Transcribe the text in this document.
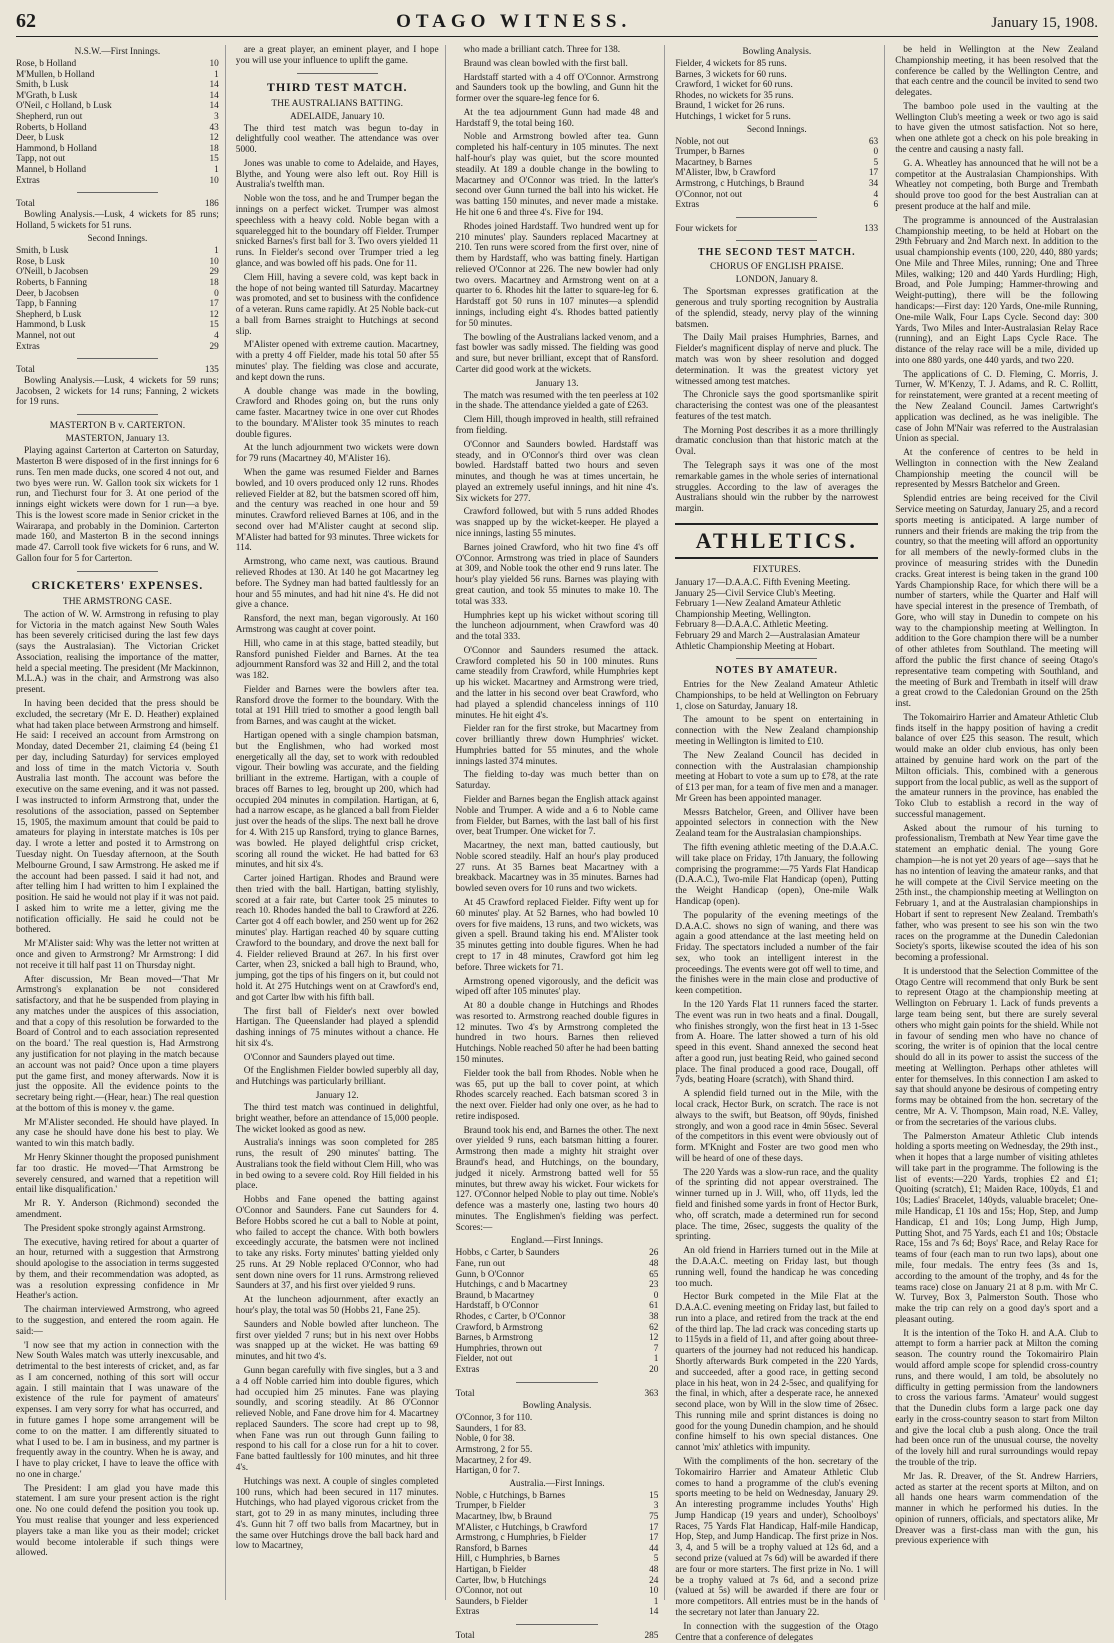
62	OTAGO WITNESS.	January 15, 1908.
N.S.W.—First Innings.
Rose, b Holland	10
M'Mullen, b Holland	1
Smith, b Lusk	14
M'Grath, b Lusk	14
O'Neil, c Holland, b Lusk	14
Shepherd, run out	3
Roberts, b Holland	43
Deer, b Lusk	12
Hammond, b Holland	18
Tapp, not out	15
Mannel, b Holland	1
Extras	10
Total	186

Bowling Analysis.—Lusk, 4 wickets for 85 runs; Holland, 5 wickets for 51 runs.

Second Innings.
Smith, b Lusk	1
Rose, b Lusk	10
O'Neill, b Jacobsen	29
Roberts, b Fanning	18
Deer, b Jacobsen	0
Tapp, b Fanning	17
Shepherd, b Lusk	12
Hammond, b Lusk	15
Mannel, not out	4
Extras	29
Total	135

Bowling Analysis.—Lusk, 4 wickets for 59 runs; Jacobsen, 2 wickets for 14 runs; Fanning, 2 wickets for 19 runs.

MASTERTON B v. CARTERTON.
MASTERTON, January 13.

Playing against Carterton at Carterton on Saturday, Masterton B were disposed of in the first innings for 6 runs. Ten men made ducks, one scored 4 not out, and two byes were run. W. Gallon took six wickets for 1 run, and Tiechurst four for 3. At one period of the innings eight wickets were down for 1 run—a bye. This is the lowest score made in Senior cricket in the Wairarapa, and probably in the Dominion. Carterton made 160, and Masterton B in the second innings made 47. Carroll took five wickets for 6 runs, and W. Gallon four for 5 for Carterton.

CRICKETERS' EXPENSES.
THE ARMSTRONG CASE.

The action of W. W. Armstrong in refusing to play for Victoria in the match against New South Wales has been severely criticised during the last few days (says the Australasian). The Victorian Cricket Association, realising the importance of the matter, held a special meeting. The president (Mr Mackinnon, M.L.A.) was in the chair, and Armstrong was also present.

In having been decided that the press should be excluded, the secretary (Mr E. D. Heather) explained what had taken place between Armstrong and himself. He said: I received an account from Armstrong on Monday, dated December 21, claiming £4 (being £1 per day, including Saturday) for services employed and loss of time in the match Victoria v. South Australia last month. The account was before the executive on the same evening, and it was not passed. I was instructed to inform Armstrong that, under the resolutions of the association, passed on September 15, 1905, the maximum amount that could be paid to amateurs for playing in interstate matches is 10s per day. I wrote a letter and posted it to Armstrong on Tuesday night. On Tuesday afternoon, at the South Melbourne Ground, I saw Armstrong. He asked me if the account had been passed. I said it had not, and after telling him I had written to him I explained the position. He said he would not play if it was not paid. I asked him to write me a letter, giving me the notification officially. He said he could not be bothered.

Mr M'Alister said: Why was the letter not written at once and given to Armstrong? Mr Armstrong: I did not receive it till half past 11 on Thursday night.

After discussion, Mr Bean moved—'That Mr Armstrong's explanation be not considered satisfactory, and that he be suspended from playing in any matches under the auspices of this association, and that a copy of this resolution be forwarded to the Board of Control and to each association represented on the board.' The real question is, Had Armstrong any justification for not playing in the match because an account was not paid? Once upon a time players put the game first, and money afterwards. Now it is just the opposite. All the evidence points to the secretary being right.—(Hear, hear.) The real question at the bottom of this is money v. the game.

Mr M'Alister seconded. He should have played. In any case he should have done his best to play. We wanted to win this match badly.

Mr Henry Skinner thought the proposed punishment far too drastic. He moved—'That Armstrong be severely censured, and warned that a repetition will entail like disqualification.'

Mr R. Y. Anderson (Richmond) seconded the amendment.

The President spoke strongly against Armstrong.

The executive, having retired for about a quarter of an hour, returned with a suggestion that Armstrong should apologise to the association in terms suggested by them, and their recommendation was adopted, as was a resolution expressing confidence in Mr Heather's action.

The chairman interviewed Armstrong, who agreed to the suggestion, and entered the room again. He said:—

'I now see that my action in connection with the New South Wales match was utterly inexcusable, and detrimental to the best interests of cricket, and, as far as I am concerned, nothing of this sort will occur again. I still maintain that I was unaware of the existence of the rule for payment of amateurs' expenses. I am very sorry for what has occurred, and in future games I hope some arrangement will be come to on the matter. I am differently situated to what I used to be. I am in business, and my partner is frequently away in the country. When he is away, and I have to play cricket, I have to leave the office with no one in charge.'

The President: I am glad you have made this statement. I am sure your present action is the right one. No one could defend the position you took up. You must realise that younger and less experienced players take a man like you as their model; cricket would become intolerable if such things were allowed.

are a great player, an eminent player, and I hope you will use your influence to uplift the game.

THIRD TEST MATCH.
THE AUSTRALIANS BATTING.
ADELAIDE, January 10.

The third test match was begun to-day in delightfully cool weather. The attendance was over 5000.

Jones was unable to come to Adelaide, and Hayes, Blythe, and Young were also left out. Roy Hill is Australia's twelfth man.

Noble won the toss, and he and Trumper began the innings on a perfect wicket. Trumper was almost speechless with a heavy cold. Noble began with a squarelegged hit to the boundary off Fielder. Trumper snicked Barnes's first ball for 3. Two overs yielded 11 runs. In Fielder's second over Trumper tried a leg glance, and was bowled off his pads. One for 11.

Clem Hill, having a severe cold, was kept back in the hope of not being wanted till Saturday. Macartney was promoted, and set to business with the confidence of a veteran. Runs came rapidly. At 25 Noble back-cut a ball from Barnes straight to Hutchings at second slip.

M'Alister opened with extreme caution. Macartney, with a pretty 4 off Fielder, made his total 50 after 55 minutes' play. The fielding was close and accurate, and kept down the runs.

A double change was made in the bowling, Crawford and Rhodes going on, but the runs only came faster. Macartney twice in one over cut Rhodes to the boundary. M'Alister took 35 minutes to reach double figures.

At the lunch adjournment two wickets were down for 79 runs (Macartney 40, M'Alister 16).

When the game was resumed Fielder and Barnes bowled, and 10 overs produced only 12 runs. Rhodes relieved Fielder at 82, but the batsmen scored off him, and the century was reached in one hour and 59 minutes. Crawford relieved Barnes at 106, and in the second over had M'Alister caught at second slip. M'Alister had batted for 93 minutes. Three wickets for 114.

Armstrong, who came next, was cautious. Braund relieved Rhodes at 130. At 140 he got Macartney leg before. The Sydney man had batted faultlessly for an hour and 55 minutes, and had hit nine 4's. He did not give a chance.

Ransford, the next man, began vigorously. At 160 Armstrong was caught at cover point.

Hill, who came in at this stage, batted steadily, but Ransford punished Fielder and Barnes. At the tea adjournment Ransford was 32 and Hill 2, and the total was 182.

Fielder and Barnes were the bowlers after tea. Ransford drove the former to the boundary. With the total at 191 Hill tried to smother a good length ball from Barnes, and was caught at the wicket.

Hartigan opened with a single champion batsman, but the Englishmen, who had worked most energetically all the day, set to work with redoubled vigour. Their bowling was accurate, and the fielding brilliant in the extreme. Hartigan, with a couple of braces off Barnes to leg, brought up 200, which had occupied 204 minutes in compilation. Hartigan, at 6, had a narrow escape, as he glanced a ball from Fielder just over the heads of the slips. The next ball he drove for 4. With 215 up Ransford, trying to glance Barnes, was bowled. He played delightful crisp cricket, scoring all round the wicket. He had batted for 63 minutes, and hit six 4's.

Carter joined Hartigan. Rhodes and Braund were then tried with the ball. Hartigan, batting stylishly, scored at a fair rate, but Carter took 25 minutes to reach 10. Rhodes handed the ball to Crawford at 226. Carter got 4 off each bowler, and 250 went up for 262 minutes' play. Hartigan reached 40 by square cutting Crawford to the boundary, and drove the next ball for 4. Fielder relieved Braund at 267. In his first over Carter, when 23, snicked a ball high to Braund, who, jumping, got the tips of his fingers on it, but could not hold it. At 275 Hutchings went on at Crawford's end, and got Carter lbw with his fifth ball.

The first ball of Fielder's next over bowled Hartigan. The Queenslander had played a splendid dashing innings of 75 minutes without a chance. He hit six 4's.

O'Connor and Saunders played out time.

Of the Englishmen Fielder bowled superbly all day, and Hutchings was particularly brilliant.

January 12.

The third test match was continued in delightful, bright weather, before an attendance of 15,000 people. The wicket looked as good as new.

Australia's innings was soon completed for 285 runs, the result of 290 minutes' batting. The Australians took the field without Clem Hill, who was in bed owing to a severe cold. Roy Hill fielded in his place.

Hobbs and Fane opened the batting against O'Connor and Saunders. Fane cut Saunders for 4. Before Hobbs scored he cut a ball to Noble at point, who failed to accept the chance. With both bowlers exceedingly accurate, the batsmen were not inclined to take any risks. Forty minutes' batting yielded only 25 runs. At 29 Noble replaced O'Connor, who had sent down nine overs for 11 runs. Armstrong relieved Saunders at 37, and his first over yielded 9 runs.

At the luncheon adjournment, after exactly an hour's play, the total was 50 (Hobbs 21, Fane 25).

Saunders and Noble bowled after luncheon. The first over yielded 7 runs; but in his next over Hobbs was snapped up at the wicket. He was batting 69 minutes, and hit two 4's.

Gunn began carefully with five singles, but a 3 and a 4 off Noble carried him into double figures, which had occupied him 25 minutes. Fane was playing soundly, and scoring steadily. At 86 O'Connor relieved Noble, and Fane drove him for 4. Macartney replaced Saunders. The score had crept up to 98, when Fane was run out through Gunn failing to respond to his call for a close run for a hit to cover. Fane batted faultlessly for 100 minutes, and hit three 4's.

Hutchings was next. A couple of singles completed 100 runs, which had been secured in 117 minutes. Hutchings, who had played vigorous cricket from the start, got to 29 in as many minutes, including three 4's. Gunn hit 7 off two balls from Macartney, but in the same over Hutchings drove the ball back hard and low to Macartney,

who made a brilliant catch. Three for 138.

Braund was clean bowled with the first ball.

Hardstaff started with a 4 off O'Connor. Armstrong and Saunders took up the bowling, and Gunn hit the former over the square-leg fence for 6.

At the tea adjournment Gunn had made 48 and Hardstaff 9, the total being 160.

Noble and Armstrong bowled after tea. Gunn completed his half-century in 105 minutes. The next half-hour's play was quiet, but the score mounted steadily. At 189 a double change in the bowling to Macartney and O'Connor was tried. In the latter's second over Gunn turned the ball into his wicket. He was batting 150 minutes, and never made a mistake. He hit one 6 and three 4's. Five for 194.

Rhodes joined Hardstaff. Two hundred went up for 210 minutes' play. Saunders replaced Macartney at 210. Ten runs were scored from the first over, nine of them by Hardstaff, who was batting finely. Hartigan relieved O'Connor at 226. The new bowler had only two overs. Macartney and Armstrong went on at a quarter to 6. Rhodes hit the latter to square-leg for 6. Hardstaff got 50 runs in 107 minutes—a splendid innings, including eight 4's. Rhodes batted patiently for 50 minutes.

The bowling of the Australians lacked venom, and a fast bowler was sadly missed. The fielding was good and sure, but never brilliant, except that of Ransford. Carter did good work at the wickets.

January 13.

The match was resumed with the ten peerless at 102 in the shade. The attendance yielded a gate of £263.

Clem Hill, though improved in health, still refrained from fielding.

O'Connor and Saunders bowled. Hardstaff was steady, and in O'Connor's third over was clean bowled. Hardstaff batted two hours and seven minutes, and though he was at times uncertain, he played an extremely useful innings, and hit nine 4's. Six wickets for 277.

Crawford followed, but with 5 runs added Rhodes was snapped up by the wicket-keeper. He played a nice innings, lasting 55 minutes.

Barnes joined Crawford, who hit two fine 4's off O'Connor. Armstrong was tried in place of Saunders at 309, and Noble took the other end 9 runs later. The hour's play yielded 56 runs. Barnes was playing with great caution, and took 55 minutes to make 10. The total was 333.

Humphries kept up his wicket without scoring till the luncheon adjournment, when Crawford was 40 and the total 333.

O'Connor and Saunders resumed the attack. Crawford completed his 50 in 100 minutes. Runs came steadily from Crawford, while Humphries kept up his wicket. Macartney and Armstrong were tried, and the latter in his second over beat Crawford, who had played a splendid chanceless innings of 110 minutes. He hit eight 4's.

Fielder ran for the first stroke, but Macartney from cover brilliantly threw down Humphries' wicket. Humphries batted for 55 minutes, and the whole innings lasted 374 minutes.

The fielding to-day was much better than on Saturday.

Fielder and Barnes began the English attack against Noble and Trumper. A wide and a 6 to Noble came from Fielder, but Barnes, with the last ball of his first over, beat Trumper. One wicket for 7.

Macartney, the next man, batted cautiously, but Noble scored steadily. Half an hour's play produced 27 runs. At 35 Barnes beat Macartney with a breakback. Macartney was in 35 minutes. Barnes had bowled seven overs for 10 runs and two wickets.

At 45 Crawford replaced Fielder. Fifty went up for 60 minutes' play. At 52 Barnes, who had bowled 10 overs for five maidens, 13 runs, and two wickets, was given a spell. Braund taking his end. M'Alister took 35 minutes getting into double figures. When he had crept to 17 in 48 minutes, Crawford got him leg before. Three wickets for 71.

Armstrong opened vigorously, and the deficit was wiped off after 105 minutes' play.

At 80 a double change in Hutchings and Rhodes was resorted to. Armstrong reached double figures in 12 minutes. Two 4's by Armstrong completed the hundred in two hours. Barnes then relieved Hutchings. Noble reached 50 after he had been batting 150 minutes.

Fielder took the ball from Rhodes. Noble when he was 65, put up the ball to cover point, at which Rhodes scarcely reached. Each batsman scored 3 in the next over. Fielder had only one over, as he had to retire indisposed.

Braund took his end, and Barnes the other. The next over yielded 9 runs, each batsman hitting a fourer. Armstrong then made a mighty hit straight over Braund's head, and Hutchings, on the boundary, judged it nicely. Armstrong batted well for 55 minutes, but threw away his wicket. Four wickets for 127. O'Connor helped Noble to play out time. Noble's defence was a masterly one, lasting two hours 40 minutes. The Englishmen's fielding was perfect. Scores:—

England.—First Innings.
Hobbs, c Carter, b Saunders	26
Fane, run out	48
Gunn, b O'Connor	65
Hutchings, c and b Macartney	23
Braund, b Macartney	0
Hardstaff, b O'Connor	61
Rhodes, c Carter, b O'Connor	38
Crawford, b Armstrong	62
Barnes, b Armstrong	12
Humphries, thrown out	7
Fielder, not out	1
Extras	20
Total	363
Bowling Analysis.
O'Connor, 3 for 110.
Saunders, 1 for 83.
Noble, 0 for 38.
Armstrong, 2 for 55.
Macartney, 2 for 49.
Hartigan, 0 for 7.
Australia.—First Innings.
Noble, c Hutchings, b Barnes	15
Trumper, b Fielder	3
Macartney, lbw, b Braund	75
M'Alister, c Hutchings, b Crawford	17
Armstrong, c Humphries, b Fielder	17
Ransford, b Barnes	44
Hill, c Humphries, b Barnes	5
Hartigan, b Fielder	48
Carter, lbw, b Hutchings	24
O'Connor, not out	10
Saunders, b Fielder	1
Extras	14
Total	285
Bowling Analysis.
Fielder, 4 wickets for 85 runs.
Barnes, 3 wickets for 60 runs.
Crawford, 1 wicket for 60 runs.
Rhodes, no wickets for 35 runs.
Braund, 1 wicket for 26 runs.
Hutchings, 1 wicket for 5 runs.
Second Innings.
Noble, not out	63
Trumper, b Barnes	0
Macartney, b Barnes	5
M'Alister, lbw, b Crawford	17
Armstrong, c Hutchings, b Braund	34
O'Connor, not out	4
Extras	6
Four wickets for	133
THE SECOND TEST MATCH.
CHORUS OF ENGLISH PRAISE.
LONDON, January 8.

The Sportsman expresses gratification at the generous and truly sporting recognition by Australia of the splendid, steady, nervy play of the winning batsmen.

The Daily Mail praises Humphries, Barnes, and Fielder's magnificent display of nerve and pluck. The match was won by sheer resolution and dogged determination. It was the greatest victory yet witnessed among test matches.

The Chronicle says the good sportsmanlike spirit characterising the contest was one of the pleasantest features of the test match.

The Morning Post describes it as a more thrillingly dramatic conclusion than that historic match at the Oval.

The Telegraph says it was one of the most remarkable games in the whole series of international struggles. According to the law of averages the Australians should win the rubber by the narrowest margin.

ATHLETICS.
FIXTURES.
January 17—D.A.A.C. Fifth Evening Meeting.
January 25—Civil Service Club's Meeting.
February 1—New Zealand Amateur Athletic Championship Meeting, Wellington.
February 8—D.A.A.C. Athletic Meeting.
February 29 and March 2—Australasian Amateur Athletic Championship Meeting at Hobart.
NOTES BY AMATEUR.

Entries for the New Zealand Amateur Athletic Championships, to be held at Wellington on February 1, close on Saturday, January 18.

The amount to be spent on entertaining in connection with the New Zealand championship meeting in Wellington is limited to £10.

The New Zealand Council has decided in connection with the Australasian championship meeting at Hobart to vote a sum up to £78, at the rate of £13 per man, for a team of five men and a manager. Mr Green has been appointed manager.

Messrs Batchelor, Green, and Olliver have been appointed selectors in connection with the New Zealand team for the Australasian championships.

The fifth evening athletic meeting of the D.A.A.C. will take place on Friday, 17th January, the following comprising the programme:—75 Yards Flat Handicap (D.A.A.C.), Two-mile Flat Handicap (open), Putting the Weight Handicap (open), One-mile Walk Handicap (open).

The popularity of the evening meetings of the D.A.A.C. shows no sign of waning, and there was again a good attendance at the last meeting held on Friday. The spectators included a number of the fair sex, who took an intelligent interest in the proceedings. The events were got off well to time, and the finishes were in the main close and productive of keen competition.

In the 120 Yards Flat 11 runners faced the starter. The event was run in two heats and a final. Dougall, who finishes strongly, won the first heat in 13 1-5sec from A. Hoare. The latter showed a turn of his old speed in this event. Shand annexed the second heat after a good run, just beating Reid, who gained second place. The final produced a good race, Dougall, off 7yds, beating Hoare (scratch), with Shand third.

A splendid field turned out in the Mile, with the local crack, Hector Burk, on scratch. The race is not always to the swift, but Beatson, off 90yds, finished strongly, and won a good race in 4min 56sec. Several of the competitors in this event were obviously out of form. M'Knight and Foster are two good men who will be heard of one of these days.

The 220 Yards was a slow-run race, and the quality of the sprinting did not appear overstrained. The winner turned up in J. Will, who, off 11yds, led the field and finished some yards in front of Hector Burk, who, off scratch, made a determined run for second place. The time, 26sec, suggests the quality of the sprinting.

An old friend in Harriers turned out in the Mile at the D.A.A.C. meeting on Friday last, but though running well, found the handicap he was conceding too much.

Hector Burk competed in the Mile Flat at the D.A.A.C. evening meeting on Friday last, but failed to run into a place, and retired from the track at the end of the third lap. The lad crack was conceding starts up to 115yds in a field of 11, and after going about three-quarters of the journey had not reduced his handicap. Shortly afterwards Burk competed in the 220 Yards, and succeeded, after a good race, in getting second place in his heat, won in 24 2-5sec, and qualifying for the final, in which, after a desperate race, he annexed second place, won by Will in the slow time of 26sec. This running mile and sprint distances is doing no good for the young Dunedin champion, and he should confine himself to his own special distances. One cannot 'mix' athletics with impunity.

With the compliments of the hon. secretary of the Tokomairiro Harrier and Amateur Athletic Club comes to hand a programme of the club's evening sports meeting to be held on Wednesday, January 29. An interesting programme includes Youths' High Jump Handicap (19 years and under), Schoolboys' Races, 75 Yards Flat Handicap, Half-mile Handicap, Hop, Step, and Jump Handicap. The first prize in Nos. 3, 4, and 5 will be a trophy valued at 12s 6d, and a second prize (valued at 7s 6d) will be awarded if there are four or more starters. The first prize in No. 1 will be a trophy valued at 7s 6d, and a second prize (valued at 5s) will be awarded if there are four or more competitors. All entries must be in the hands of the secretary not later than January 22.

In connection with the suggestion of the Otago Centre that a conference of delegates

be held in Wellington at the New Zealand Championship meeting, it has been resolved that the conference be called by the Wellington Centre, and that each centre and the council be invited to send two delegates.

The bamboo pole used in the vaulting at the Wellington Club's meeting a week or two ago is said to have given the utmost satisfaction. Not so here, when one athlete got a check on his pole breaking in the centre and causing a nasty fall.

G. A. Wheatley has announced that he will not be a competitor at the Australasian Championships. With Wheatley not competing, both Burge and Trembath should prove too good for the best Australian can at present produce at the half and mile.

The programme is announced of the Australasian Championship meeting, to be held at Hobart on the 29th February and 2nd March next. In addition to the usual championship events (100, 220, 440, 880 yards; One Mile and Three Miles, running; One and Three Miles, walking; 120 and 440 Yards Hurdling; High, Broad, and Pole Jumping; Hammer-throwing and Weight-putting), there will be the following handicaps:—First day: 120 Yards, One-mile Running, One-mile Walk, Four Laps Cycle. Second day: 300 Yards, Two Miles and Inter-Australasian Relay Race (running), and an Eight Laps Cycle Race. The distance of the relay race will be a mile, divided up into one 880 yards, one 440 yards, and two 220.

The applications of C. D. Fleming, C. Morris, J. Turner, W. M'Kenzy, T. J. Adams, and R. C. Rollitt, for reinstatement, were granted at a recent meeting of the New Zealand Council. James Cartwright's application was declined, as he was ineligible. The case of John M'Nair was referred to the Australasian Union as special.

At the conference of centres to be held in Wellington in connection with the New Zealand Championship meeting the council will be represented by Messrs Batchelor and Green.

Splendid entries are being received for the Civil Service meeting on Saturday, January 25, and a record sports meeting is anticipated. A large number of runners and their friends are making the trip from the country, so that the meeting will afford an opportunity for all members of the newly-formed clubs in the province of measuring strides with the Dunedin cracks. Great interest is being taken in the grand 100 Yards Championship Race, for which there will be a number of starters, while the Quarter and Half will have special interest in the presence of Trembath, of Gore, who will stay in Dunedin to compete on his way to the championship meeting at Wellington. In addition to the Gore champion there will be a number of other athletes from Southland. The meeting will afford the public the first chance of seeing Otago's representative team competing with Southland, and the meeting of Burk and Trembath in itself will draw a great crowd to the Caledonian Ground on the 25th inst.

The Tokomairiro Harrier and Amateur Athletic Club finds itself in the happy position of having a credit balance of over £25 this season. The result, which would make an older club envious, has only been attained by genuine hard work on the part of the Milton officials. This, combined with a generous support from the local public, as well as the support of the amateur runners in the province, has enabled the Toko Club to establish a record in the way of successful management.

Asked about the rumour of his turning to professionalism, Trembath at New Year time gave the statement an emphatic denial. The young Gore champion—he is not yet 20 years of age—says that he has no intention of leaving the amateur ranks, and that he will compete at the Civil Service meeting on the 25th inst., the championship meeting at Wellington on February 1, and at the Australasian championships in Hobart if sent to represent New Zealand. Trembath's father, who was present to see his son win the two races on the programme at the Dunedin Caledonian Society's sports, likewise scouted the idea of his son becoming a professional.

It is understood that the Selection Committee of the Otago Centre will recommend that only Burk be sent to represent Otago at the championship meeting at Wellington on February 1. Lack of funds prevents a large team being sent, but there are surely several others who might gain points for the shield. While not in favour of sending men who have no chance of scoring, the writer is of opinion that the local centre should do all in its power to assist the success of the meeting at Wellington. Perhaps other athletes will enter for themselves. In this connection I am asked to say that should anyone be desirous of competing entry forms may be obtained from the hon. secretary of the centre, Mr A. V. Thompson, Main road, N.E. Valley, or from the secretaries of the various clubs.

The Palmerston Amateur Athletic Club intends holding a sports meeting on Wednesday, the 29th inst., when it hopes that a large number of visiting athletes will take part in the programme. The following is the list of events:—220 Yards, trophies £2 and £1; Quoiting (scratch), £1; Maiden Race, 100yds, £1 and 10s; Ladies' Bracelet, 140yds, valuable bracelet; One-mile Handicap, £1 10s and 15s; Hop, Step, and Jump Handicap, £1 and 10s; Long Jump, High Jump, Putting Shot, and 75 Yards, each £1 and 10s; Obstacle Race, 15s and 7s 6d; Boys' Race, and Relay Race for teams of four (each man to run two laps), about one mile, four medals. The entry fees (3s and 1s, according to the amount of the trophy, and 4s for the teams race) close on January 21 at 8 p.m. with Mr C. W. Turvey, Box 3, Palmerston South. Those who make the trip can rely on a good day's sport and a pleasant outing.

It is the intention of the Toko H. and A.A. Club to attempt to form a harrier pack at Milton the coming season. The country round the Tokomairiro Plain would afford ample scope for splendid cross-country runs, and there would, I am told, be absolutely no difficulty in getting permission from the landowners to cross the various farms. 'Amateur' would suggest that the Dunedin clubs form a large pack one day early in the cross-country season to start from Milton and give the local club a push along. Once the trail had been once run of the unusual course, the novelty of the lovely hill and rural surroundings would repay the trouble of the trip.

Mr Jas. R. Dreaver, of the St. Andrew Harriers, acted as starter at the recent sports at Milton, and on all hands one hears warm commendation of the manner in which he performed his duties. In the opinion of runners, officials, and spectators alike, Mr Dreaver was a first-class man with the gun, his previous experience with
